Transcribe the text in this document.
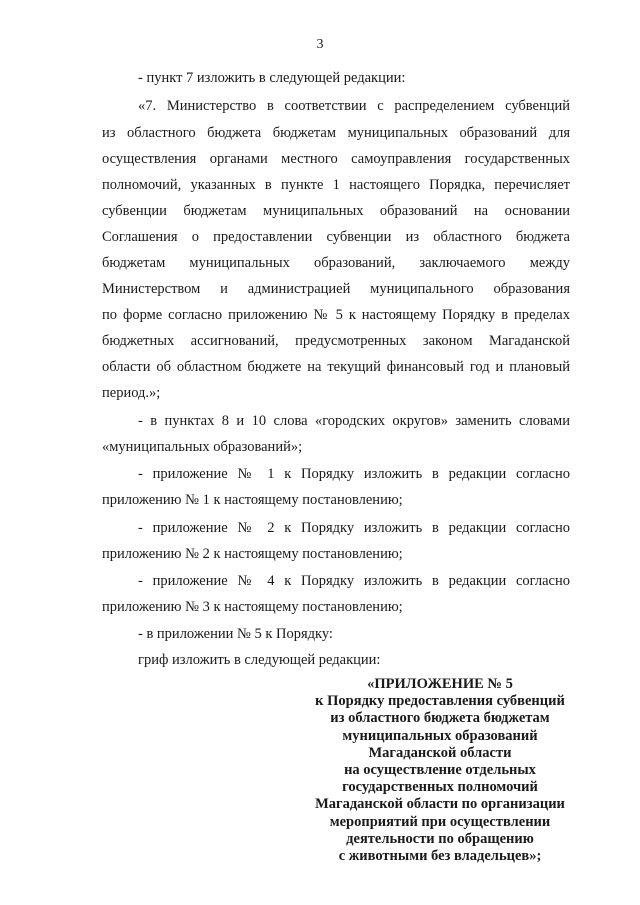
3
- пункт 7 изложить в следующей редакции:
«7. Министерство в соответствии с распределением субвенций
из областного бюджета бюджетам муниципальных образований для
осуществления органами местного самоуправления государственных
полномочий, указанных в пункте 1 настоящего Порядка, перечисляет
субвенции бюджетам муниципальных образований на основании
Соглашения о предоставлении субвенции из областного бюджета
бюджетам муниципальных образований, заключаемого между
Министерством и администрацией муниципального образования
по форме согласно приложению № 5 к настоящему Порядку в пределах
бюджетных ассигнований, предусмотренных законом Магаданской
области об областном бюджете на текущий финансовый год и плановый
период.»;
- в пунктах 8 и 10 слова «городских округов» заменить словами
«муниципальных образований»;
- приложение № 1 к Порядку изложить в редакции согласно
приложению № 1 к настоящему постановлению;
- приложение № 2 к Порядку изложить в редакции согласно
приложению № 2 к настоящему постановлению;
- приложение № 4 к Порядку изложить в редакции согласно
приложению № 3 к настоящему постановлению;
- в приложении № 5 к Порядку:
гриф изложить в следующей редакции:
«ПРИЛОЖЕНИЕ № 5
к Порядку предоставления субвенций
из областного бюджета бюджетам
муниципальных образований
Магаданской области
на осуществление отдельных
государственных полномочий
Магаданской области по организации
мероприятий при осуществлении
деятельности по обращению
с животными без владельцев»;
